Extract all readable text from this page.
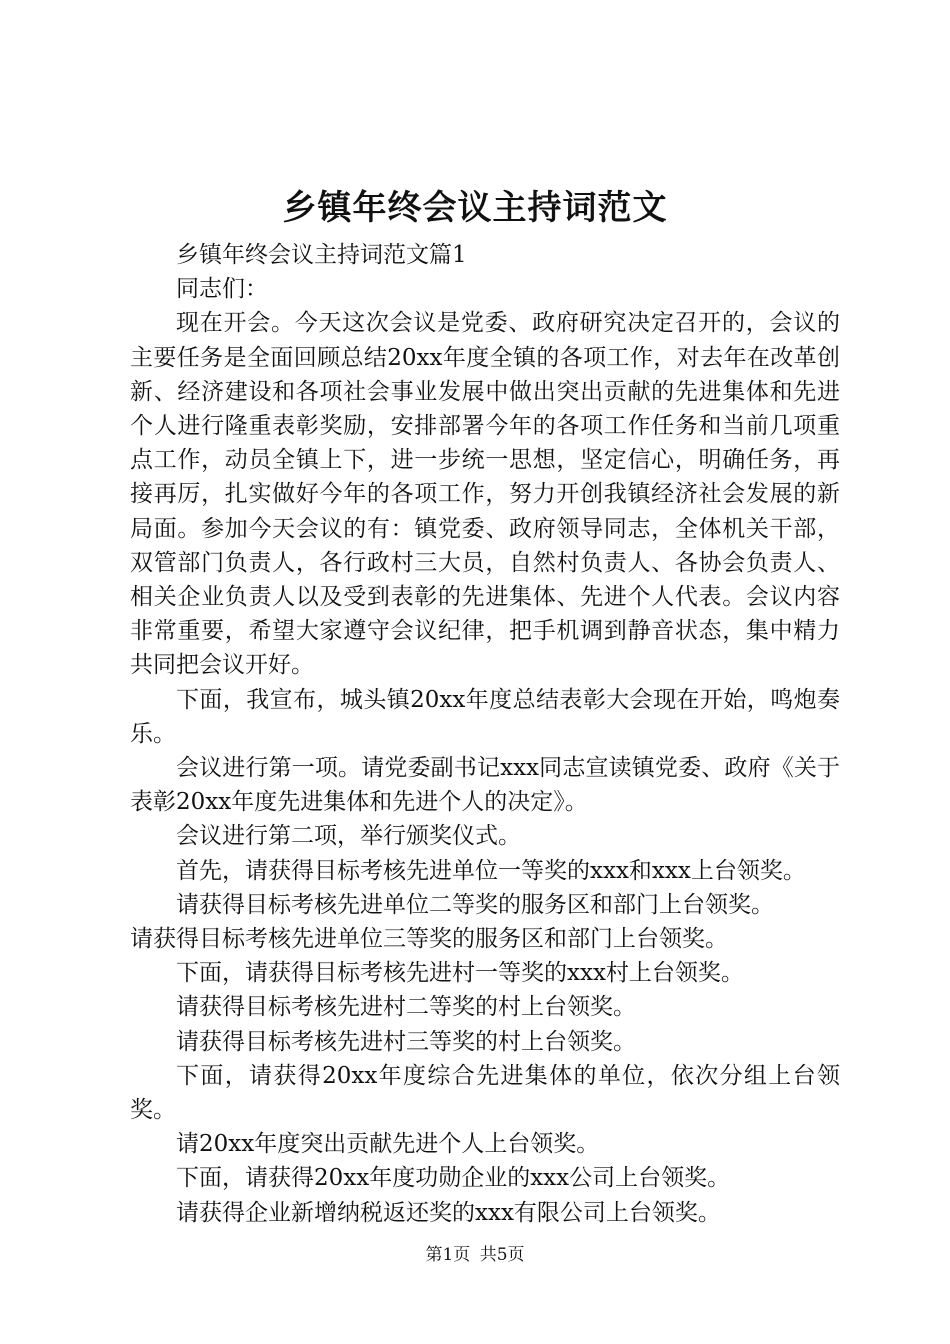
乡镇年终会议主持词范文

乡镇年终会议主持词范文篇1

同志们：

现在开会。今天这次会议是党委、政府研究决定召开的，会议的主要任务是全面回顾总结20xx年度全镇的各项工作，对去年在改革创新、经济建设和各项社会事业发展中做出突出贡献的先进集体和先进个人进行隆重表彰奖励，安排部署今年的各项工作任务和当前几项重点工作，动员全镇上下，进一步统一思想，坚定信心，明确任务，再接再厉，扎实做好今年的各项工作，努力开创我镇经济社会发展的新局面。参加今天会议的有：镇党委、政府领导同志，全体机关干部，双管部门负责人，各行政村三大员，自然村负责人、各协会负责人、相关企业负责人以及受到表彰的先进集体、先进个人代表。会议内容非常重要，希望大家遵守会议纪律，把手机调到静音状态，集中精力共同把会议开好。

下面，我宣布，城头镇20xx年度总结表彰大会现在开始，鸣炮奏乐。

会议进行第一项。请党委副书记xxx同志宣读镇党委、政府《关于表彰20xx年度先进集体和先进个人的决定》。

会议进行第二项，举行颁奖仪式。

首先，请获得目标考核先进单位一等奖的xxx和xxx上台领奖。

请获得目标考核先进单位二等奖的服务区和部门上台领奖。

请获得目标考核先进单位三等奖的服务区和部门上台领奖。

下面，请获得目标考核先进村一等奖的xxx村上台领奖。

请获得目标考核先进村二等奖的村上台领奖。

请获得目标考核先进村三等奖的村上台领奖。

下面，请获得20xx年度综合先进集体的单位，依次分组上台领奖。

请20xx年度突出贡献先进个人上台领奖。

下面，请获得20xx年度功勋企业的xxx公司上台领奖。

请获得企业新增纳税返还奖的xxx有限公司上台领奖。

第1页 共5页
